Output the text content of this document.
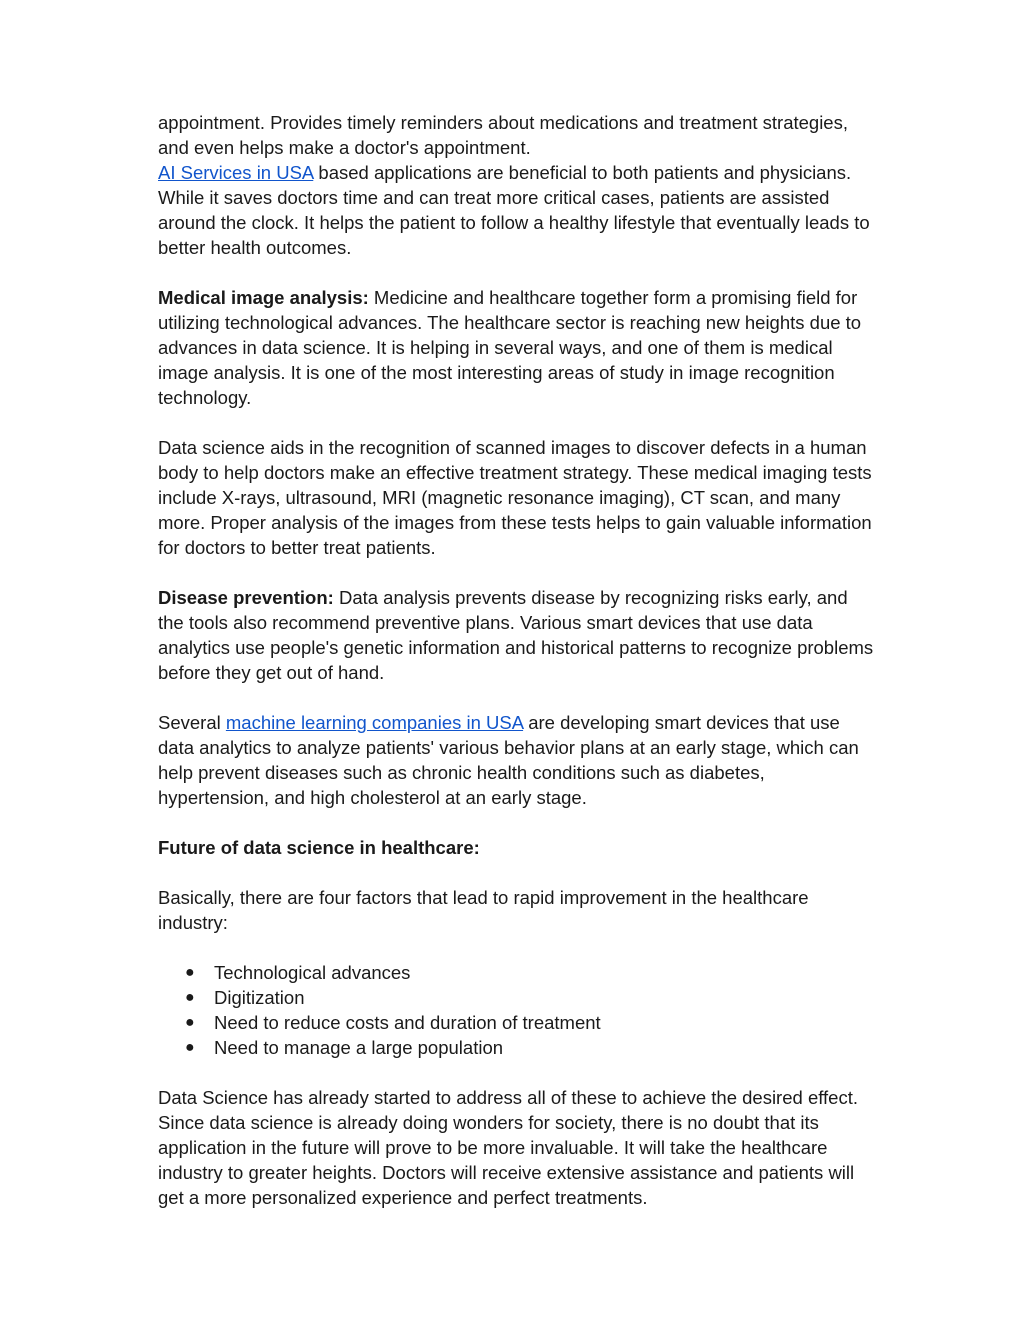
appointment. Provides timely reminders about medications and treatment strategies, and even helps make a doctor's appointment.
AI Services in USA based applications are beneficial to both patients and physicians. While it saves doctors time and can treat more critical cases, patients are assisted around the clock. It helps the patient to follow a healthy lifestyle that eventually leads to better health outcomes.

Medical image analysis: Medicine and healthcare together form a promising field for utilizing technological advances. The healthcare sector is reaching new heights due to advances in data science. It is helping in several ways, and one of them is medical image analysis. It is one of the most interesting areas of study in image recognition technology.

Data science aids in the recognition of scanned images to discover defects in a human body to help doctors make an effective treatment strategy. These medical imaging tests include X-rays, ultrasound, MRI (magnetic resonance imaging), CT scan, and many more. Proper analysis of the images from these tests helps to gain valuable information for doctors to better treat patients.

Disease prevention: Data analysis prevents disease by recognizing risks early, and the tools also recommend preventive plans. Various smart devices that use data analytics use people's genetic information and historical patterns to recognize problems before they get out of hand.

Several machine learning companies in USA are developing smart devices that use data analytics to analyze patients' various behavior plans at an early stage, which can help prevent diseases such as chronic health conditions such as diabetes, hypertension, and high cholesterol at an early stage.

Future of data science in healthcare:

Basically, there are four factors that lead to rapid improvement in the healthcare industry:

● Technological advances
● Digitization
● Need to reduce costs and duration of treatment
● Need to manage a large population

Data Science has already started to address all of these to achieve the desired effect. Since data science is already doing wonders for society, there is no doubt that its application in the future will prove to be more invaluable. It will take the healthcare industry to greater heights. Doctors will receive extensive assistance and patients will get a more personalized experience and perfect treatments.
